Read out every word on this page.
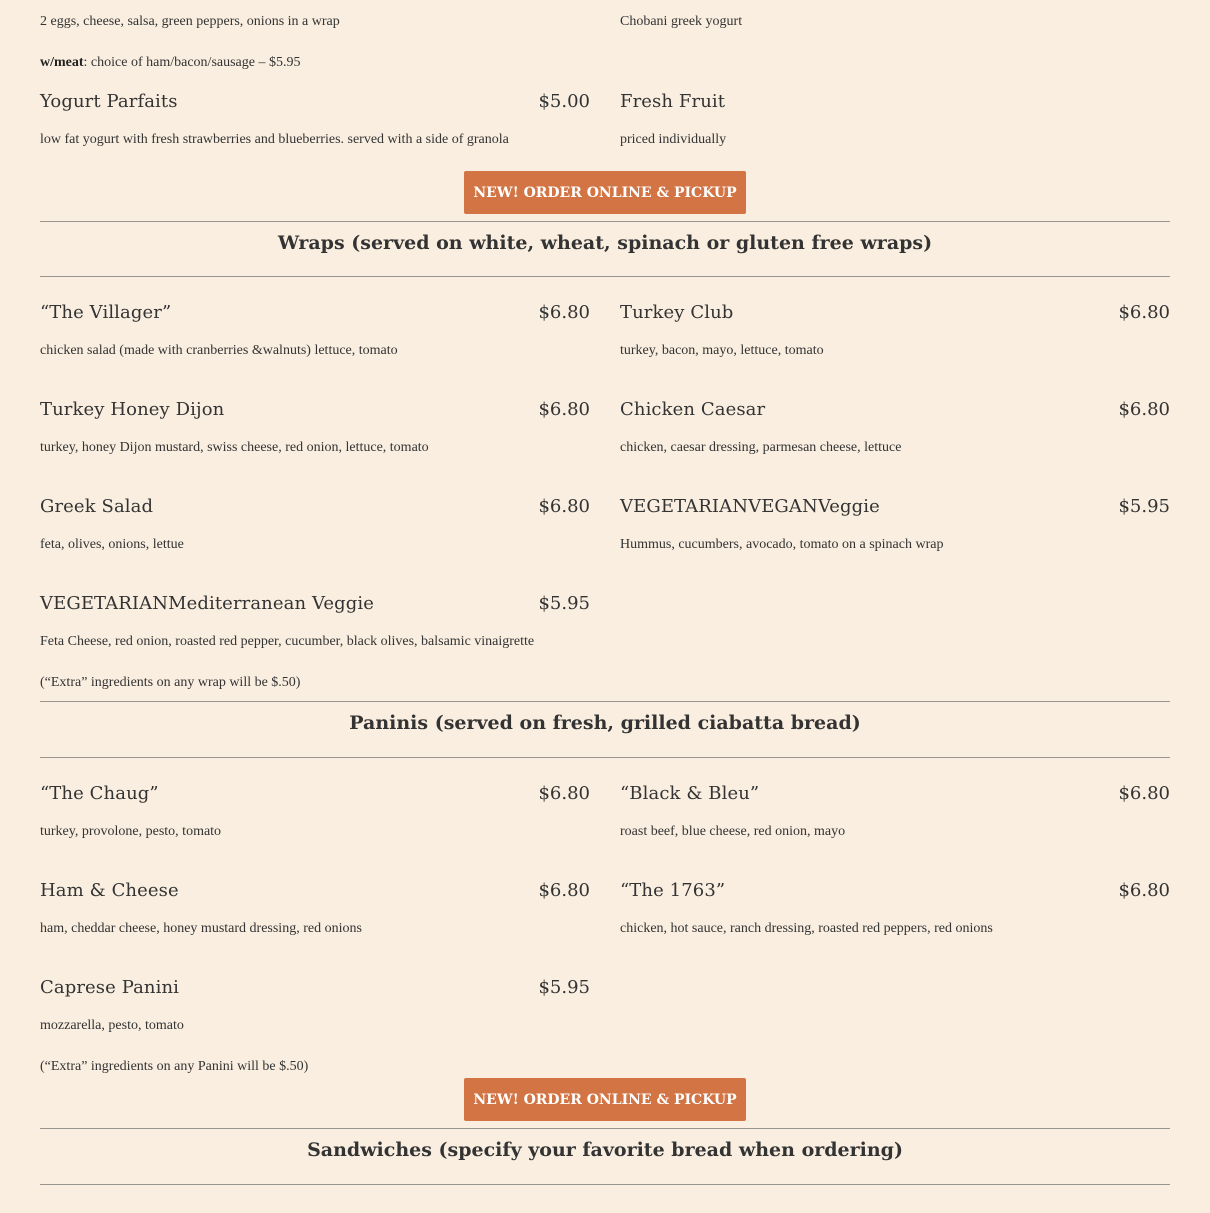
2 eggs, cheese, salsa, green peppers, onions in a wrap	Chobani greek yogurt
w/meat: choice of ham/bacon/sausage – $5.95
Yogurt Parfaits	$5.00 Fresh Fruit
low fat yogurt with fresh strawberries and blueberries. served with a side of granola	priced individually
NEW! ORDER ONLINE & PICKUP
Wraps (served on white, wheat, spinach or gluten free wraps)
“The Villager”	$6.80
chicken salad (made with cranberries &walnuts) lettuce, tomato
Turkey Club	$6.80
turkey, bacon, mayo, lettuce, tomato
Turkey Honey Dijon	$6.80
turkey, honey Dijon mustard, swiss cheese, red onion, lettuce, tomato
Chicken Caesar	$6.80
chicken, caesar dressing, parmesan cheese, lettuce
Greek Salad	$6.80
feta, olives, onions, lettue
VEGETARIANVEGANVeggie	$5.95
Hummus, cucumbers, avocado, tomato on a spinach wrap
VEGETARIANMediterranean Veggie	$5.95
Feta Cheese, red onion, roasted red pepper, cucumber, black olives, balsamic vinaigrette
(“Extra” ingredients on any wrap will be $.50)
Paninis (served on fresh, grilled ciabatta bread)
“The Chaug”	$6.80
turkey, provolone, pesto, tomato
“Black & Bleu”	$6.80
roast beef, blue cheese, red onion, mayo
Ham & Cheese	$6.80
ham, cheddar cheese, honey mustard dressing, red onions
“The 1763”	$6.80
chicken, hot sauce, ranch dressing, roasted red peppers, red onions
Caprese Panini	$5.95
mozzarella, pesto, tomato
(“Extra” ingredients on any Panini will be $.50)
NEW! ORDER ONLINE & PICKUP
Sandwiches (specify your favorite bread when ordering)
